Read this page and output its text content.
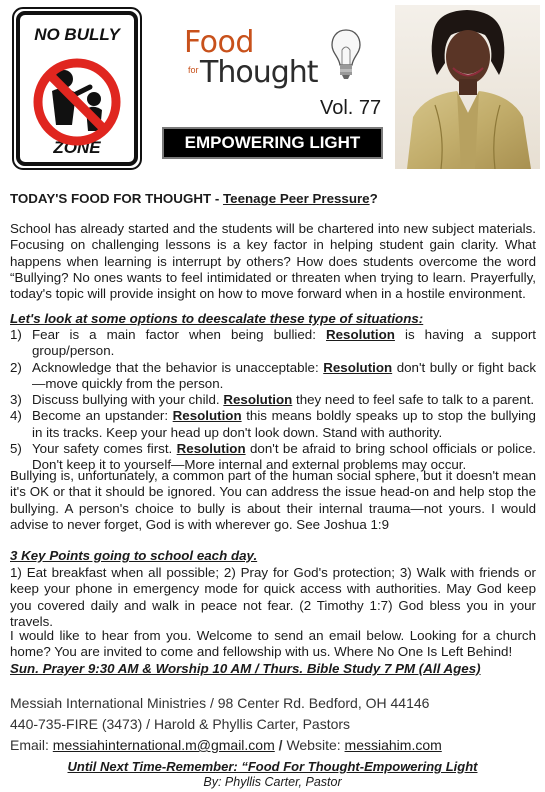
NO BULLY
ZONE
Food
for Thought
Vol. 77
EMPOWERING LIGHT
TODAY'S FOOD FOR THOUGHT - Teenage Peer Pressure?
School has already started and the students will be chartered into new subject materials. Focusing on challenging lessons is a key factor in helping student gain clarity. What happens when learning is interrupt by others? How does students overcome the word “Bullying? No ones wants to feel intimidated or threaten when trying to learn. Prayerfully, today's topic will provide insight on how to move forward when in a hostile environment.
Let's look at some options to deescalate these type of situations:
1) Fear is a main factor when being bullied: Resolution is having a support group/person.
2) Acknowledge that the behavior is unacceptable: Resolution don't bully or fight back—move quickly from the person.
3) Discuss bullying with your child. Resolution they need to feel safe to talk to a parent.
4) Become an upstander: Resolution this means boldly speaks up to stop the bullying in its tracks. Keep your head up don't look down. Stand with authority.
5) Your safety comes first. Resolution don't be afraid to bring school officials or police. Don't keep it to yourself—More internal and external problems may occur.
Bullying is, unfortunately, a common part of the human social sphere, but it doesn't mean it's OK or that it should be ignored. You can address the issue head-on and help stop the bullying. A person's choice to bully is about their internal trauma—not yours. I would advise to never forget, God is with wherever go. See Joshua 1:9
3 Key Points going to school each day.
1) Eat breakfast when all possible; 2) Pray for God's protection; 3) Walk with friends or keep your phone in emergency mode for quick access with authorities. May God keep you covered daily and walk in peace not fear. (2 Timothy 1:7) God bless you in your travels.
I would like to hear from you. Welcome to send an email below. Looking for a church home? You are invited to come and fellowship with us. Where No One Is Left Behind!
Sun. Prayer 9:30 AM & Worship 10 AM / Thurs. Bible Study 7 PM (All Ages)
Messiah International Ministries / 98 Center Rd. Bedford, OH 44146
440-735-FIRE (3473) / Harold & Phyllis Carter, Pastors
Email: messiahinternational.m@gmail.com / Website: messiahim.com
Until Next Time-Remember: “Food For Thought-Empowering Light
By: Phyllis Carter, Pastor
